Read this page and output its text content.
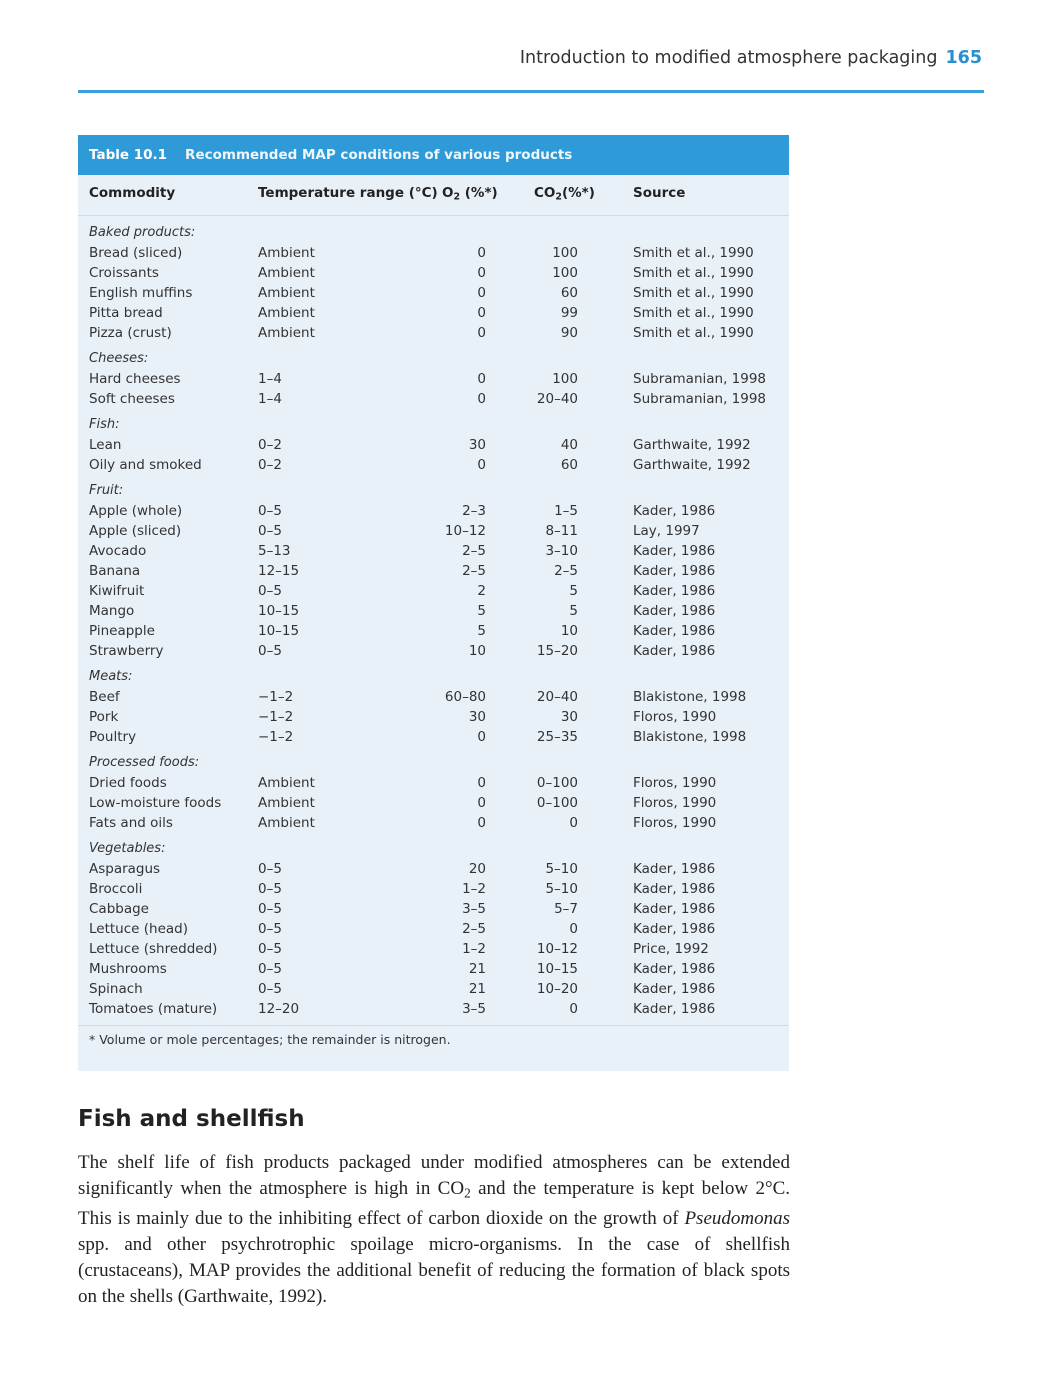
Introduction to modified atmosphere packaging 165
Table 10.1 Recommended MAP conditions of various products
Commodity	Temperature range (°C) $O_2$ (%*)	$CO_2(\%*)$	Source
Baked products:
Bread (sliced)	Ambient	0	100	Smith et al., 1990
Croissants	Ambient	0	100	Smith et al., 1990
English muffins	Ambient	0	60	Smith et al., 1990
Pitta bread	Ambient	0	99	Smith et al., 1990
Pizza (crust)	Ambient	0	90	Smith et al., 1990
Cheeses:
Hard cheeses	1–4	0	100	Subramanian, 1998
Soft cheeses	1–4	0	20–40	Subramanian, 1998
Fish:
Lean	0–2	30	40	Garthwaite, 1992
Oily and smoked	0–2	0	60	Garthwaite, 1992
Fruit:
Apple (whole)	0–5	2–3	1–5	Kader, 1986
Apple (sliced)	0–5	10–12	8–11	Lay, 1997
Avocado	5–13	2–5	3–10	Kader, 1986
Banana	12–15	2–5	2–5	Kader, 1986
Kiwifruit	0–5	2	5	Kader, 1986
Mango	10–15	5	5	Kader, 1986
Pineapple	10–15	5	10	Kader, 1986
Strawberry	0–5	10	15–20	Kader, 1986
Meats:
Beef	−1–2	60–80	20–40	Blakistone, 1998
Pork	−1–2	30	30	Floros, 1990
Poultry	−1–2	0	25–35	Blakistone, 1998
Processed foods:
Dried foods	Ambient	0	0–100	Floros, 1990
Low-moisture foods	Ambient	0	0–100	Floros, 1990
Fats and oils	Ambient	0	0	Floros, 1990
Vegetables:
Asparagus	0–5	20	5–10	Kader, 1986
Broccoli	0–5	1–2	5–10	Kader, 1986
Cabbage	0–5	3–5	5–7	Kader, 1986
Lettuce (head)	0–5	2–5	0	Kader, 1986
Lettuce (shredded)	0–5	1–2	10–12	Price, 1992
Mushrooms	0–5	21	10–15	Kader, 1986
Spinach	0–5	21	10–20	Kader, 1986
Tomatoes (mature)	12–20	3–5	0	Kader, 1986
* Volume or mole percentages; the remainder is nitrogen.
Fish and shellfish
The shelf life of fish products packaged under modified atmospheres can be extended significantly when the atmosphere is high in $CO_2$ and the temperature is kept below 2°C. This is mainly due to the inhibiting effect of carbon dioxide on the growth of Pseudomonas spp. and other psychrotrophic spoilage micro-organisms. In the case of shellfish (crustaceans), MAP provides the additional benefit of reducing the formation of black spots on the shells (Garthwaite, 1992).
